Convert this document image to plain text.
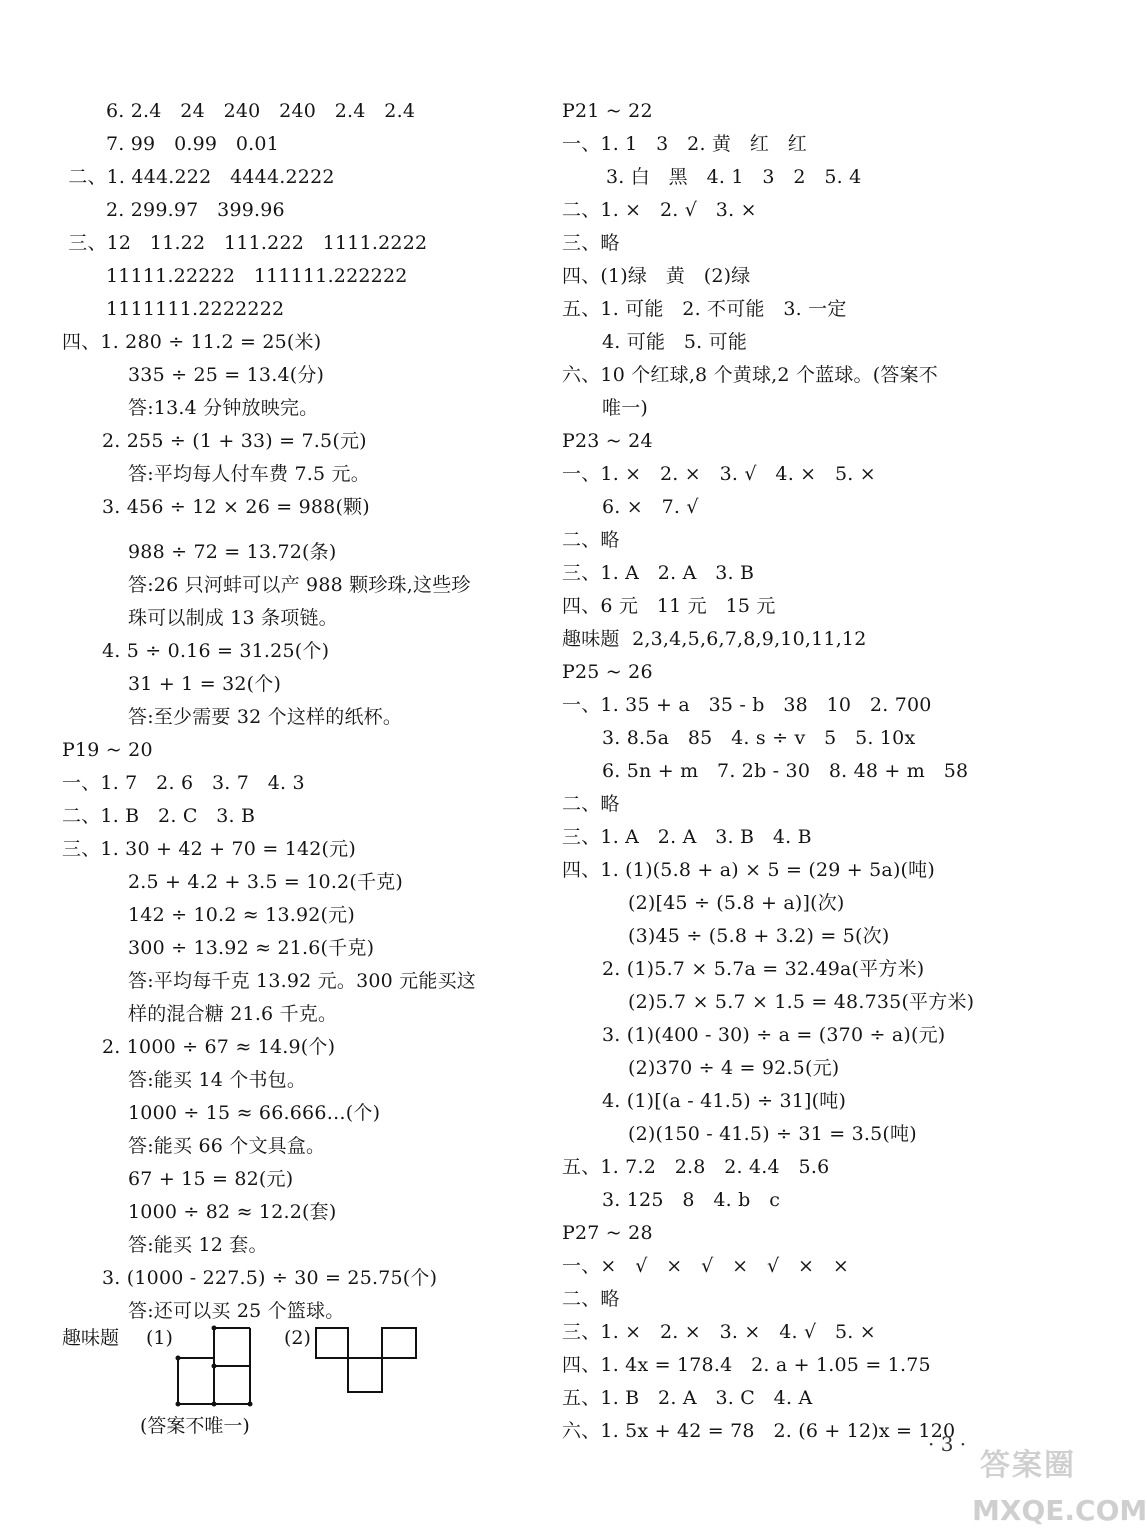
6. 2.4   24   240   240   2.4   2.4
7. 99   0.99   0.01
二、1. 444.222   4444.2222
2. 299.97   399.96
三、12   11.22   111.222   1111.2222
11111.22222   111111.222222
1111111.2222222
四、1. 280 ÷ 11.2 = 25(米)
335 ÷ 25 = 13.4(分)
答:13.4 分钟放映完。
2. 255 ÷ (1 + 33) = 7.5(元)
答:平均每人付车费 7.5 元。
3. 456 ÷ 12 × 26 = 988(颗)
988 ÷ 72 = 13.72(条)
答:26 只河蚌可以产 988 颗珍珠,这些珍
珠可以制成 13 条项链。
4. 5 ÷ 0.16 = 31.25(个)
31 + 1 = 32(个)
答:至少需要 32 个这样的纸杯。
P19 ~ 20
一、1. 7   2. 6   3. 7   4. 3
二、1. B   2. C   3. B
三、1. 30 + 42 + 70 = 142(元)
2.5 + 4.2 + 3.5 = 10.2(千克)
142 ÷ 10.2 ≈ 13.92(元)
300 ÷ 13.92 ≈ 21.6(千克)
答:平均每千克 13.92 元。300 元能买这
样的混合糖 21.6 千克。
2. 1000 ÷ 67 ≈ 14.9(个)
答:能买 14 个书包。
1000 ÷ 15 ≈ 66.666…(个)
答:能买 66 个文具盒。
67 + 15 = 82(元)
1000 ÷ 82 ≈ 12.2(套)
答:能买 12 套。
3. (1000 - 227.5) ÷ 30 = 25.75(个)
答:还可以买 25 个篮球。
P21 ~ 22
一、1. 1   3   2. 黄   红   红
3. 白   黑   4. 1   3   2   5. 4
二、1. ×   2. √   3. ×
三、略
四、(1)绿   黄   (2)绿
五、1. 可能   2. 不可能   3. 一定
4. 可能   5. 可能
六、10 个红球,8 个黄球,2 个蓝球。(答案不
唯一)
P23 ~ 24
一、1. ×   2. ×   3. √   4. ×   5. ×
6. ×   7. √
二、略
三、1. A   2. A   3. B
四、6 元   11 元   15 元
趣味题  2,3,4,5,6,7,8,9,10,11,12
P25 ~ 26
一、1. 35 + a   35 - b   38   10   2. 700
3. 8.5a   85   4. s ÷ v   5   5. 10x
6. 5n + m   7. 2b - 30   8. 48 + m   58
二、略
三、1. A   2. A   3. B   4. B
四、1. (1)(5.8 + a) × 5 = (29 + 5a)(吨)
(2)[45 ÷ (5.8 + a)](次)
(3)45 ÷ (5.8 + 3.2) = 5(次)
2. (1)5.7 × 5.7a = 32.49a(平方米)
(2)5.7 × 5.7 × 1.5 = 48.735(平方米)
3. (1)(400 - 30) ÷ a = (370 ÷ a)(元)
(2)370 ÷ 4 = 92.5(元)
4. (1)[(a - 41.5) ÷ 31](吨)
(2)(150 - 41.5) ÷ 31 = 3.5(吨)
五、1. 7.2   2.8   2. 4.4   5.6
3. 125   8   4. b   c
P27 ~ 28
一、×   √   ×   √   ×   √   ×   ×
二、略
三、1. ×   2. ×   3. ×   4. √   5. ×
四、1. 4x = 178.4   2. a + 1.05 = 1.75
五、1. B   2. A   3. C   4. A
六、1. 5x + 42 = 78   2. (6 + 12)x = 120
趣味题 (1)	(2)
(答案不唯一)
· 3 ·
答案圈
MXQE.COM
